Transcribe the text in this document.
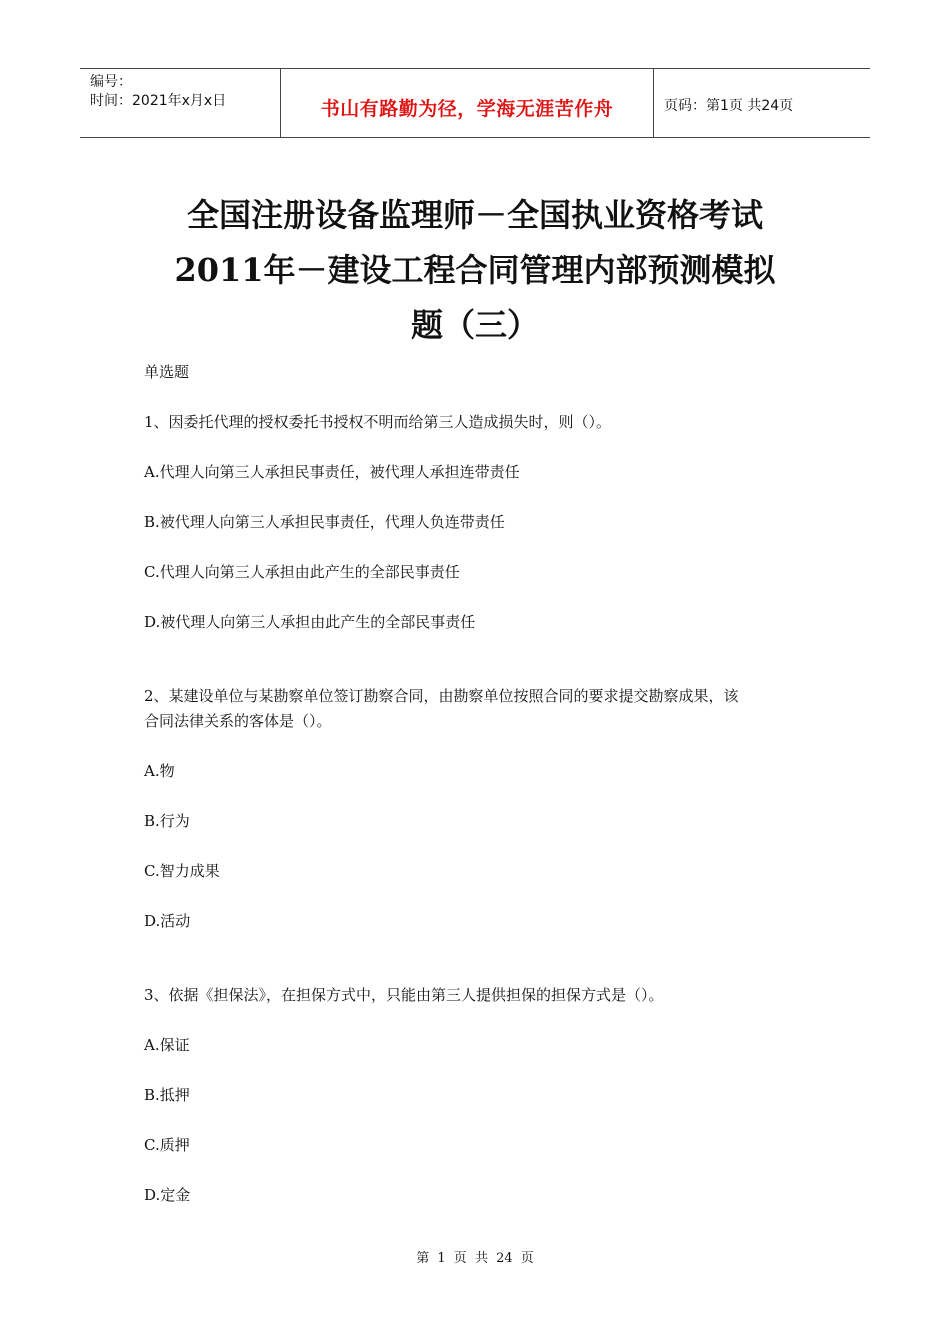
编号：
时间：2021年x月x日	书山有路勤为径，学海无涯苦作舟	页码：第1页 共24页
全国注册设备监理师－全国执业资格考试
2011年－建设工程合同管理内部预测模拟
题（三）
单选题
1、因委托代理的授权委托书授权不明而给第三人造成损失时，则（）。
A.代理人向第三人承担民事责任，被代理人承担连带责任
B.被代理人向第三人承担民事责任，代理人负连带责任
C.代理人向第三人承担由此产生的全部民事责任
D.被代理人向第三人承担由此产生的全部民事责任
2、某建设单位与某勘察单位签订勘察合同，由勘察单位按照合同的要求提交勘察成果，该
合同法律关系的客体是（）。
A.物
B.行为
C.智力成果
D.活动
3、依据《担保法》，在担保方式中，只能由第三人提供担保的担保方式是（）。
A.保证
B.抵押
C.质押
D.定金
第 1 页 共 24 页
